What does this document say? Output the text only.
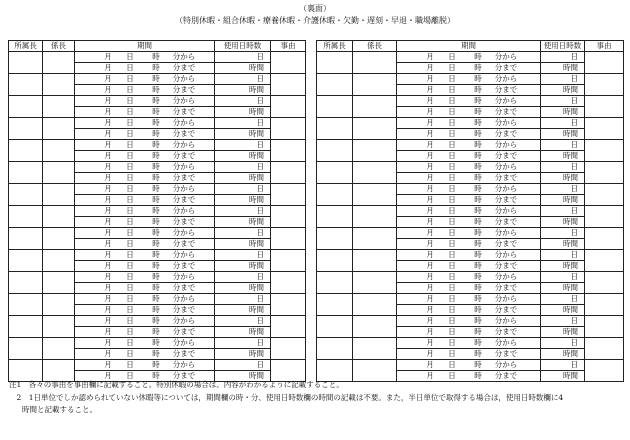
（裏面）
（特別休暇・組合休暇・療養休暇・介護休暇・欠勤・遅刻・早退・職場離脱）
所属長	係長	期間	使用日時数	事由

		月 日 時 分から	日	

		月 日 時 分まで	時間	

		月 日 時 分から	日	

		月 日 時 分まで	時間	

		月 日 時 分から	日	

		月 日 時 分まで	時間	

		月 日 時 分から	日	

		月 日 時 分まで	時間	

		月 日 時 分から	日	

		月 日 時 分まで	時間	

		月 日 時 分から	日	

		月 日 時 分まで	時間	

		月 日 時 分から	日	

		月 日 時 分まで	時間	

		月 日 時 分から	日	

		月 日 時 分まで	時間	

		月 日 時 分から	日	

		月 日 時 分まで	時間	

		月 日 時 分から	日	

		月 日 時 分まで	時間	

		月 日 時 分から	日	

		月 日 時 分まで	時間	

		月 日 時 分から	日	

		月 日 時 分まで	時間	

		月 日 時 分から	日	

		月 日 時 分まで	時間	

		月 日 時 分から	日	

		月 日 時 分まで	時間	

		月 日 時 分から	日	

		月 日 時 分まで	時間	
所属長	係長	期間	使用日時数	事由

		月 日 時 分から	日	

		月 日 時 分まで	時間	

		月 日 時 分から	日	

		月 日 時 分まで	時間	

		月 日 時 分から	日	

		月 日 時 分まで	時間	

		月 日 時 分から	日	

		月 日 時 分まで	時間	

		月 日 時 分から	日	

		月 日 時 分まで	時間	

		月 日 時 分から	日	

		月 日 時 分まで	時間	

		月 日 時 分から	日	

		月 日 時 分まで	時間	

		月 日 時 分から	日	

		月 日 時 分まで	時間	

		月 日 時 分から	日	

		月 日 時 分まで	時間	

		月 日 時 分から	日	

		月 日 時 分まで	時間	

		月 日 時 分から	日	

		月 日 時 分まで	時間	

		月 日 時 分から	日	

		月 日 時 分まで	時間	

		月 日 時 分から	日	

		月 日 時 分まで	時間	

		月 日 時 分から	日	

		月 日 時 分まで	時間	

		月 日 時 分から	日	

		月 日 時 分まで	時間	
注1　各々の事由を事由欄に記載すること。特別休暇の場合は、内容がわかるように記載すること。
　2　1日単位でしか認められていない休暇等については，期間欄の時・分、使用日時数欄の時間の記載は不要。また，半日単位で取得する場合は，使用日時数欄に4
時間と記載すること。
